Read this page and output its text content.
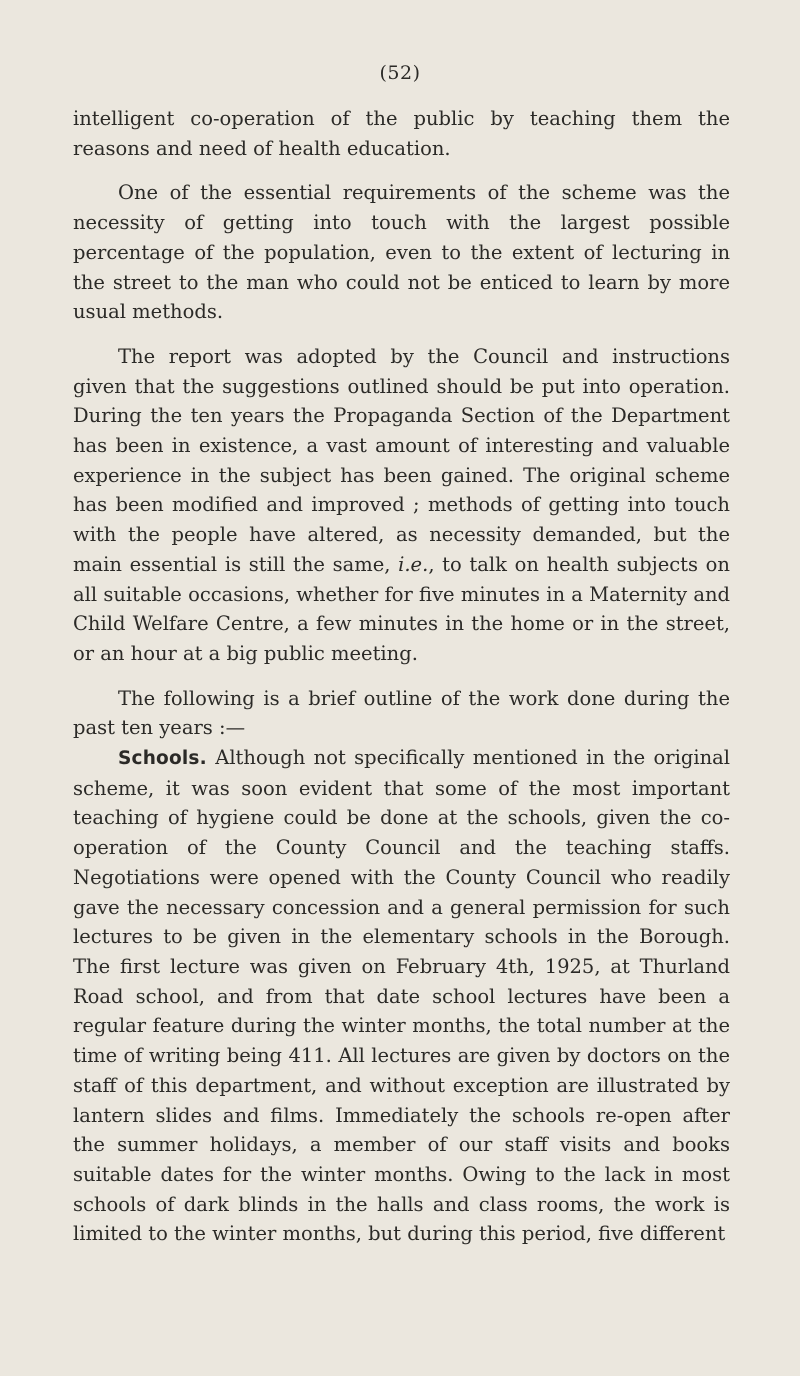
(52)

intelligent co-operation of the public by teaching them the reasons and need of health education.

One of the essential requirements of the scheme was the necessity of getting into touch with the largest possible percentage of the population, even to the extent of lecturing in the street to the man who could not be enticed to learn by more usual methods.

The report was adopted by the Council and instructions given that the suggestions outlined should be put into operation. During the ten years the Propaganda Section of the Department has been in existence, a vast amount of interesting and valuable experience in the subject has been gained. The original scheme has been modified and improved ; methods of getting into touch with the people have altered, as necessity demanded, but the main essential is still the same, i.e., to talk on health subjects on all suitable occasions, whether for five minutes in a Maternity and Child Welfare Centre, a few minutes in the home or in the street, or an hour at a big public meeting.

The following is a brief outline of the work done during the past ten years :—

Schools. Although not specifically mentioned in the original scheme, it was soon evident that some of the most important teaching of hygiene could be done at the schools, given the co-operation of the County Council and the teaching staffs. Negotiations were opened with the County Council who readily gave the necessary concession and a general permission for such lectures to be given in the elementary schools in the Borough. The first lecture was given on February 4th, 1925, at Thurland Road school, and from that date school lectures have been a regular feature during the winter months, the total number at the time of writing being 411. All lectures are given by doctors on the staff of this department, and without exception are illustrated by lantern slides and films. Immediately the schools re-open after the summer holidays, a member of our staff visits and books suitable dates for the winter months. Owing to the lack in most schools of dark blinds in the halls and class rooms, the work is limited to the winter months, but during this period, five different
